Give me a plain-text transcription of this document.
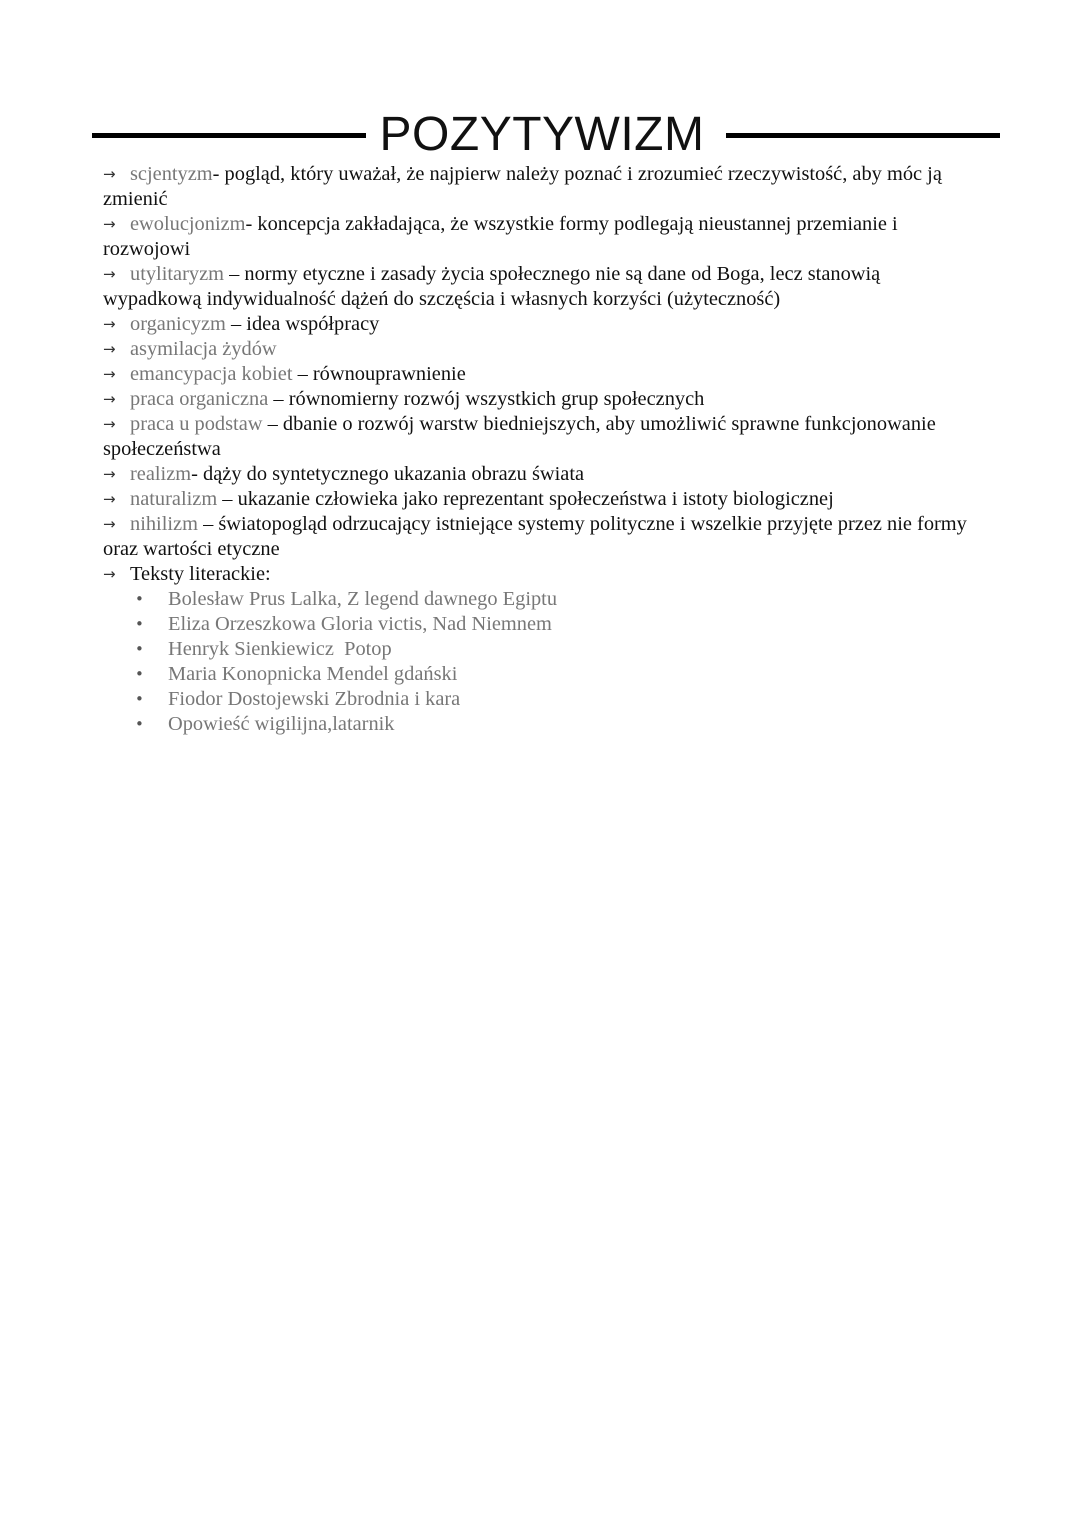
POZYTYWIZM

→ scjentyzm- pogląd, który uważał, że najpierw należy poznać i zrozumieć rzeczywistość, aby móc ją zmienić

→ ewolucjonizm- koncepcja zakładająca, że wszystkie formy podlegają nieustannej przemianie i rozwojowi

→ utylitaryzm – normy etyczne i zasady życia społecznego nie są dane od Boga, lecz stanowią wypadkową indywidualność dążeń do szczęścia i własnych korzyści (użyteczność)

→ organicyzm – idea współpracy

→ asymilacja żydów

→ emancypacja kobiet – równouprawnienie

→ praca organiczna – równomierny rozwój wszystkich grup społecznych

→ praca u podstaw – dbanie o rozwój warstw biedniejszych, aby umożliwić sprawne funkcjonowanie społeczeństwa

→ realizm- dąży do syntetycznego ukazania obrazu świata

→ naturalizm – ukazanie człowieka jako reprezentant społeczeństwa i istoty biologicznej

→ nihilizm – światopogląd odrzucający istniejące systemy polityczne i wszelkie przyjęte przez nie formy oraz wartości etyczne

→ Teksty literackie:

•	Bolesław Prus Lalka, Z legend dawnego Egiptu
•	Eliza Orzeszkowa Gloria victis, Nad Niemnem
•	Henryk Sienkiewicz  Potop
•	Maria Konopnicka Mendel gdański
•	Fiodor Dostojewski Zbrodnia i kara
•	Opowieść wigilijna,latarnik
